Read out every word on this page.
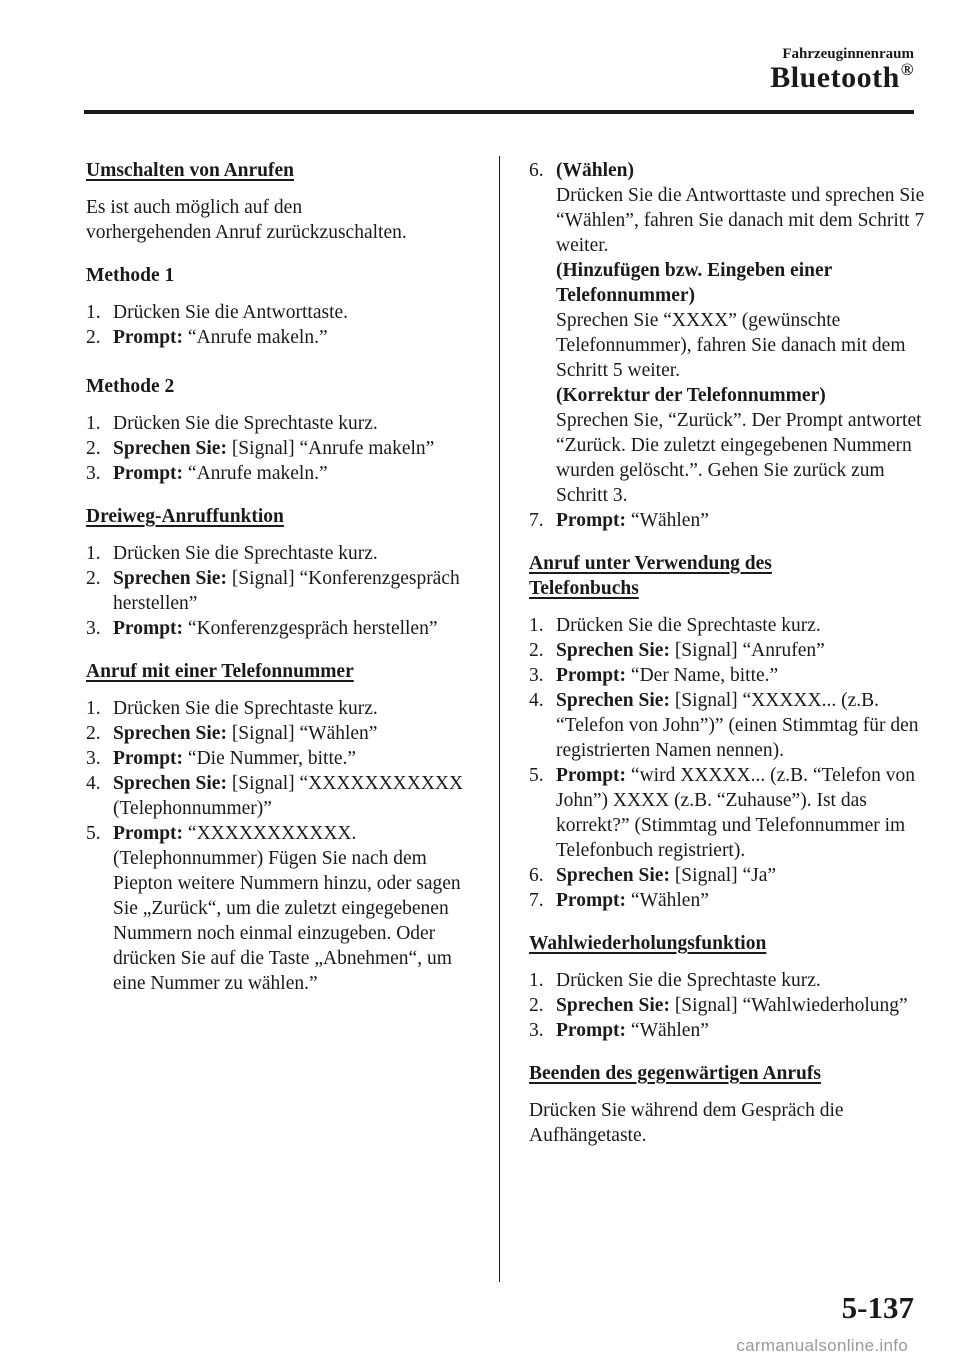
Fahrzeuginnenraum
Bluetooth®
Umschalten von Anrufen
Es ist auch möglich auf den
vorhergehenden Anruf zurückzuschalten.
Methode 1
1. Drücken Sie die Antworttaste.
2. Prompt: “Anrufe makeln.”
Methode 2
1. Drücken Sie die Sprechtaste kurz.
2. Sprechen Sie: [Signal] “Anrufe makeln”
3. Prompt: “Anrufe makeln.”
Dreiweg-Anruffunktion
1. Drücken Sie die Sprechtaste kurz.
2. Sprechen Sie: [Signal] “Konferenzgespräch herstellen”
3. Prompt: “Konferenzgespräch herstellen”
Anruf mit einer Telefonnummer
1. Drücken Sie die Sprechtaste kurz.
2. Sprechen Sie: [Signal] “Wählen”
3. Prompt: “Die Nummer, bitte.”
4. Sprechen Sie: [Signal] “XXXXXXXXXXX (Telephonnummer)”
5. Prompt: “XXXXXXXXXXX. (Telephonnummer) Fügen Sie nach dem Piepton weitere Nummern hinzu, oder sagen Sie „Zurück“, um die zuletzt eingegebenen Nummern noch einmal einzugeben. Oder drücken Sie auf die Taste „Abnehmen“, um eine Nummer zu wählen.”
6. (Wählen)
Drücken Sie die Antworttaste und sprechen Sie “Wählen”, fahren Sie danach mit dem Schritt 7 weiter.
(Hinzufügen bzw. Eingeben einer Telefonnummer)
Sprechen Sie “XXXX” (gewünschte Telefonnummer), fahren Sie danach mit dem Schritt 5 weiter.
(Korrektur der Telefonnummer)
Sprechen Sie, “Zurück”. Der Prompt antwortet “Zurück. Die zuletzt eingegebenen Nummern wurden gelöscht.”. Gehen Sie zurück zum Schritt 3.
7. Prompt: “Wählen”
Anruf unter Verwendung des
Telefonbuchs
1. Drücken Sie die Sprechtaste kurz.
2. Sprechen Sie: [Signal] “Anrufen”
3. Prompt: “Der Name, bitte.”
4. Sprechen Sie: [Signal] “XXXXX... (z.B. “Telefon von John”)” (einen Stimmtag für den registrierten Namen nennen).
5. Prompt: “wird XXXXX... (z.B. “Telefon von John”) XXXX (z.B. “Zuhause”). Ist das korrekt?” (Stimmtag und Telefonnummer im Telefonbuch registriert).
6. Sprechen Sie: [Signal] “Ja”
7. Prompt: “Wählen”
Wahlwiederholungsfunktion
1. Drücken Sie die Sprechtaste kurz.
2. Sprechen Sie: [Signal] “Wahlwiederholung”
3. Prompt: “Wählen”
Beenden des gegenwärtigen Anrufs
Drücken Sie während dem Gespräch die Aufhängetaste.
5-137
carmanualsonline.info
